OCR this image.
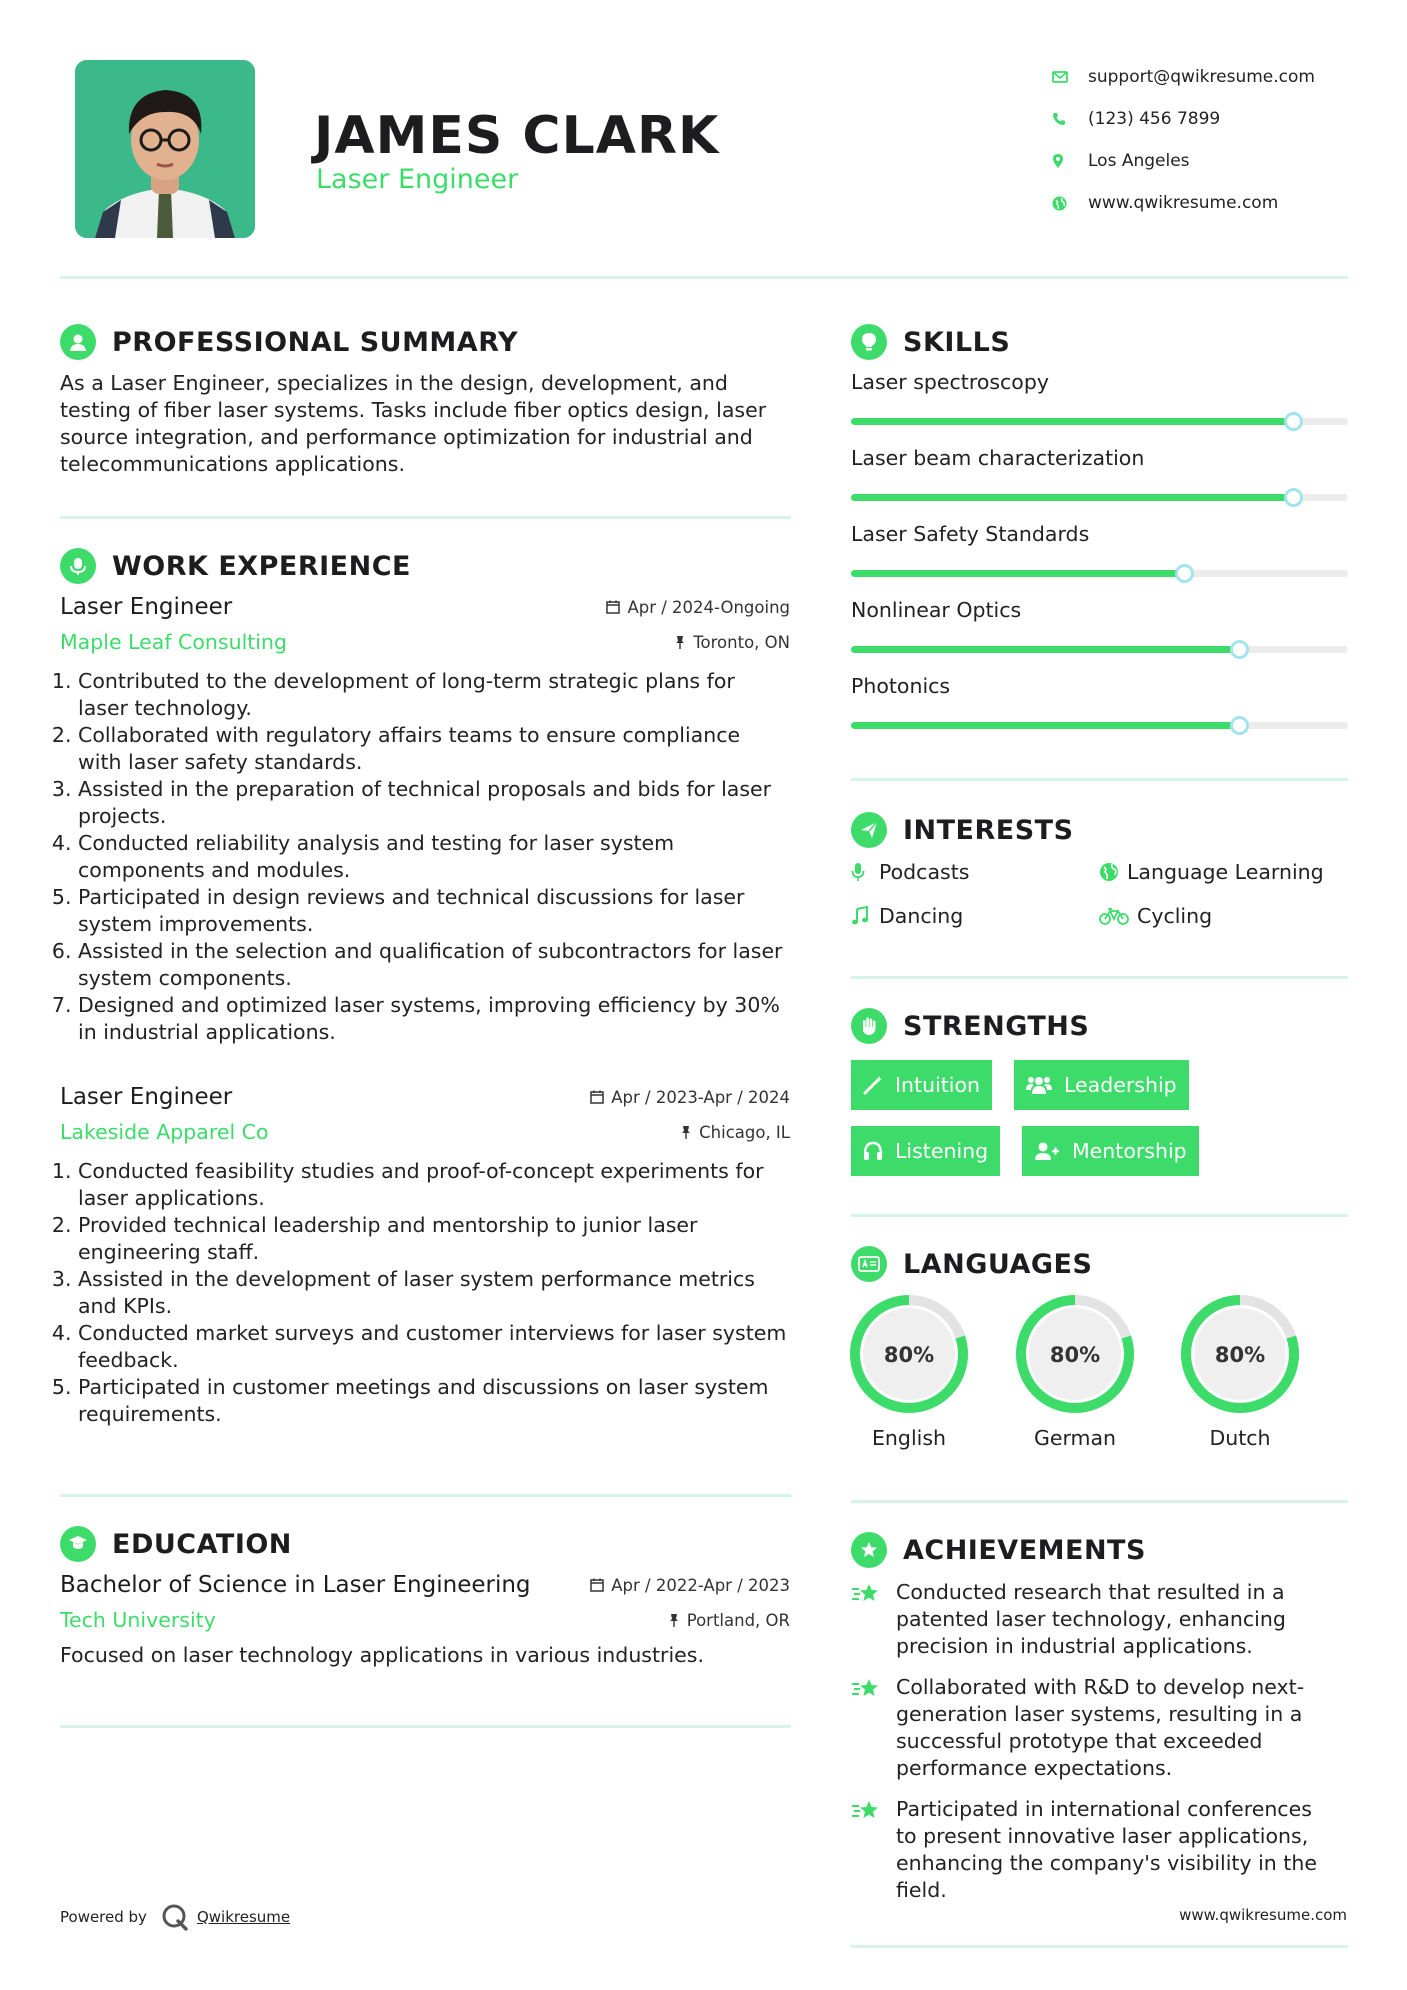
JAMES CLARK
Laser Engineer
support@qwikresume.com
(123) 456 7899
Los Angeles
www.qwikresume.com
PROFESSIONAL SUMMARY

As a Laser Engineer, specializes in the design, development, and testing of fiber laser systems. Tasks include fiber optics design, laser source integration, and performance optimization for industrial and telecommunications applications.

WORK EXPERIENCE
Laser Engineer	Apr / 2024-Ongoing
Maple Leaf Consulting	Toronto, ON
1. Contributed to the development of long-term strategic plans for laser technology.
2. Collaborated with regulatory affairs teams to ensure compliance with laser safety standards.
3. Assisted in the preparation of technical proposals and bids for laser projects.
4. Conducted reliability analysis and testing for laser system components and modules.
5. Participated in design reviews and technical discussions for laser system improvements.
6. Assisted in the selection and qualification of subcontractors for laser system components.
7. Designed and optimized laser systems, improving efficiency by 30% in industrial applications.
Laser Engineer	Apr / 2023-Apr / 2024
Lakeside Apparel Co	Chicago, IL
1. Conducted feasibility studies and proof-of-concept experiments for laser applications.
2. Provided technical leadership and mentorship to junior laser engineering staff.
3. Assisted in the development of laser system performance metrics and KPIs.
4. Conducted market surveys and customer interviews for laser system feedback.
5. Participated in customer meetings and discussions on laser system requirements.
EDUCATION
Bachelor of Science in Laser Engineering	Apr / 2022-Apr / 2023
Tech University	Portland, OR

Focused on laser technology applications in various industries.

SKILLS
Laser spectroscopy
Laser beam characterization
Laser Safety Standards
Nonlinear Optics
Photonics
INTERESTS
Podcasts	Language Learning
Dancing	Cycling
STRENGTHS
Intuition	Leadership
Listening	Mentorship
LANGUAGES
80%
English
80%
German
80%
Dutch
ACHIEVEMENTS
Conducted research that resulted in a patented laser technology, enhancing precision in industrial applications.
Collaborated with R&D to develop next-generation laser systems, resulting in a successful prototype that exceeded performance expectations.
Participated in international conferences to present innovative laser applications, enhancing the company's visibility in the field.
Powered by	Qwikresume	www.qwikresume.com
